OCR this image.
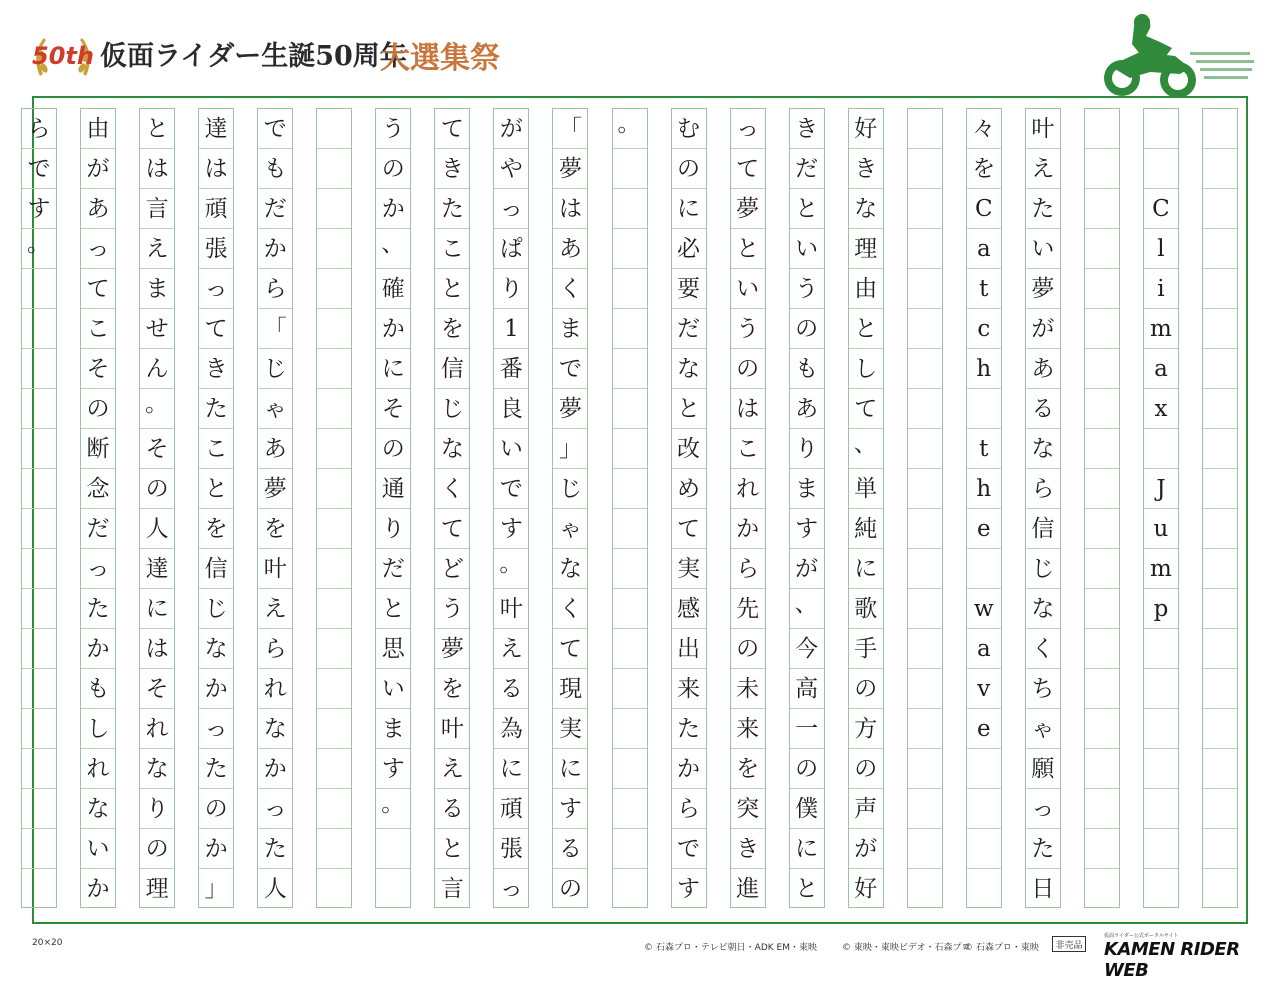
50th 仮面ライダー生誕50周年
大選集祭
C
l
i
m
a
x
J
u
m
p
叶
え
た
い
夢
が
あ
る
な
ら
信
じ
な
く
ち
ゃ
願
っ
た
日
々
を
C
a
t
c
h
t
h
e
w
a
v
e
好
き
な
理
由
と
し
て
、
単
純
に
歌
手
の
方
の
声
が
好
き
だ
と
い
う
の
も
あ
り
ま
す
が
、
今
高
一
の
僕
に
と
っ
て
夢
と
い
う
の
は
こ
れ
か
ら
先
の
未
来
を
突
き
進
む
の
に
必
要
だ
な
と
改
め
て
実
感
出
来
た
か
ら
で
す
。
「
夢
は
あ
く
ま
で
夢
」
じ
ゃ
な
く
て
現
実
に
す
る
の
が
や
っ
ぱ
り
1
番
良
い
で
す
。
叶
え
る
為
に
頑
張
っ
て
き
た
こ
と
を
信
じ
な
く
て
ど
う
夢
を
叶
え
る
と
言
う
の
か
、
確
か
に
そ
の
通
り
だ
と
思
い
ま
す
。
で
も
だ
か
ら
「
じ
ゃ
あ
夢
を
叶
え
ら
れ
な
か
っ
た
人
達
は
頑
張
っ
て
き
た
こ
と
を
信
じ
な
か
っ
た
の
か
」
と
は
言
え
ま
せ
ん
。
そ
の
人
達
に
は
そ
れ
な
り
の
理
由
が
あ
っ
て
こ
そ
の
断
念
だ
っ
た
か
も
し
れ
な
い
か
ら
で
す
。
20×20	© 石森プロ・テレビ朝日・ADK EM・東映	© 東映・東映ビデオ・石森プロ
© 石森プロ・東映	非売品
仮面ライダー公式ポータルサイト
KAMEN RIDER WEB
